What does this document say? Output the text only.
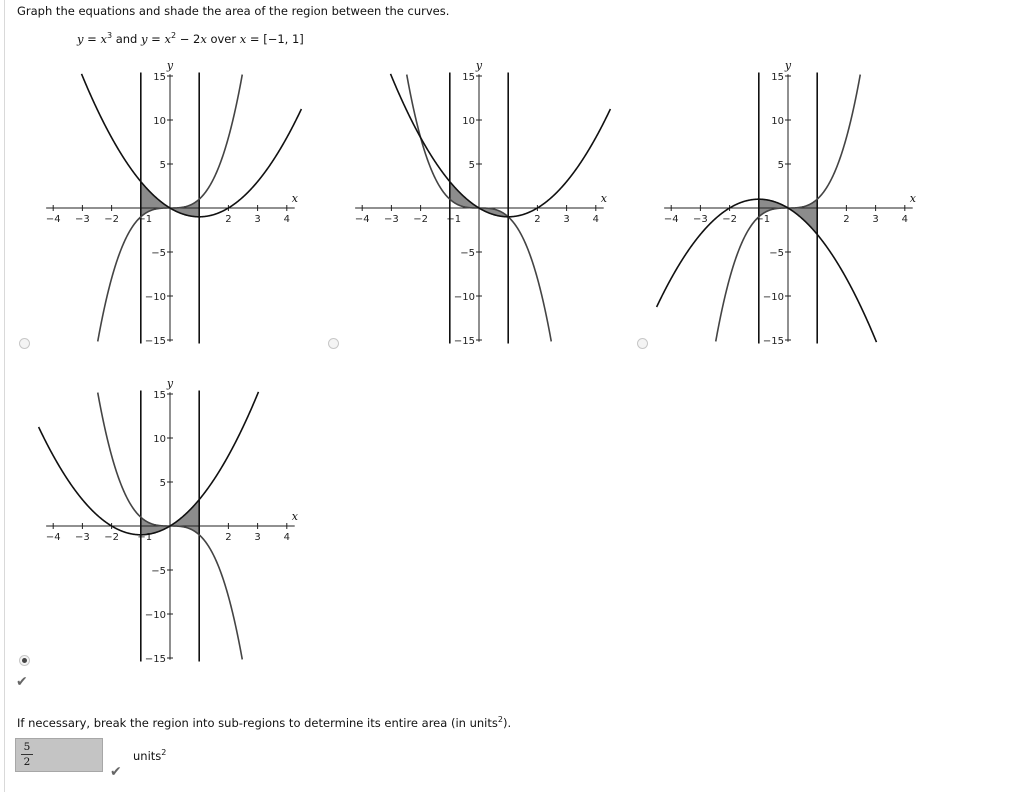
Graph the equations and shade the area of the region between the curves.
$y = x^3$ and $y = x^2 - 2x$ over x = [−1, 1]
−4 −3 −2 −1	2 3 4
15
10
5
−5
−10
−15
x
y
−4 −3 −2 −1	2 3 4
15
10
5
−5
−10
−15
x
y
−4 −3 −2 −1	2 3 4
15
10
5
−5
−10
−15
x
y
−4 −3 −2 −1	2 3 4
15
10
5
−5
−10
−15
x
y
✔
If necessary, break the region into sub-regions to determine its entire area (in units$^2$).
5
2	units$^2$
✔
